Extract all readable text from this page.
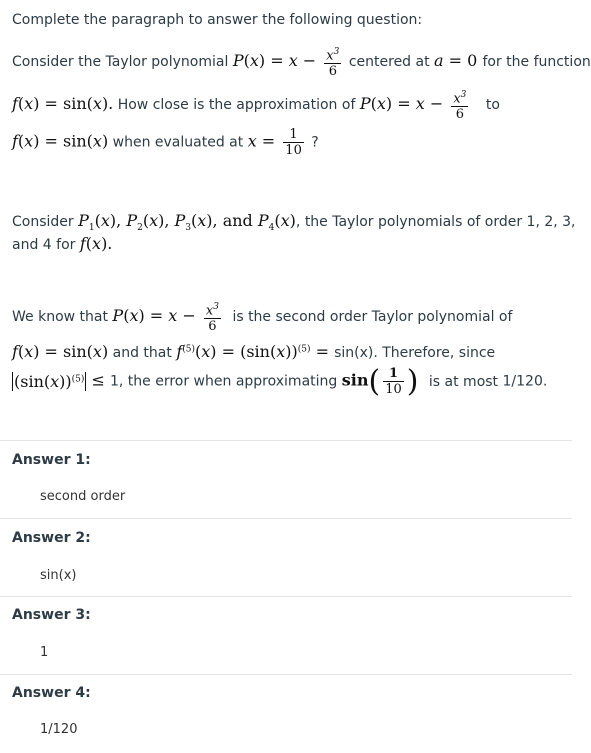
Complete the paragraph to answer the following question:
Consider the Taylor polynomial $P(x) = x - \frac{x^3}{6}$ centered at a = 0 for the function
f(x) = sin(x). How close is the approximation of $P(x) = x - \frac{x^3}{6}$ to
f(x) = sin(x) when evaluated at $x = \frac{1}{10}$ ?
Consider $P_1(x)$, $P_2(x)$, $P_3(x)$, and $P_4(x)$, the Taylor polynomials of order 1, 2, 3,
and 4 for f(x).
We know that $P(x) = x - \frac{x^3}{6}$ is the second order Taylor polynomial of
f(x) = sin(x) and that $f^{(5)}(x) = (\sin(x))^{(5)} = \sin(x)$. Therefore, since
$(\sin(x))^{(5)} \le 1$, the error when approximating $\sin( \frac{1}{10}$ ) is at most 1/120.
Answer 1:
second order
Answer 2:
sin(x)
Answer 3:
1
Answer 4:
1/120
